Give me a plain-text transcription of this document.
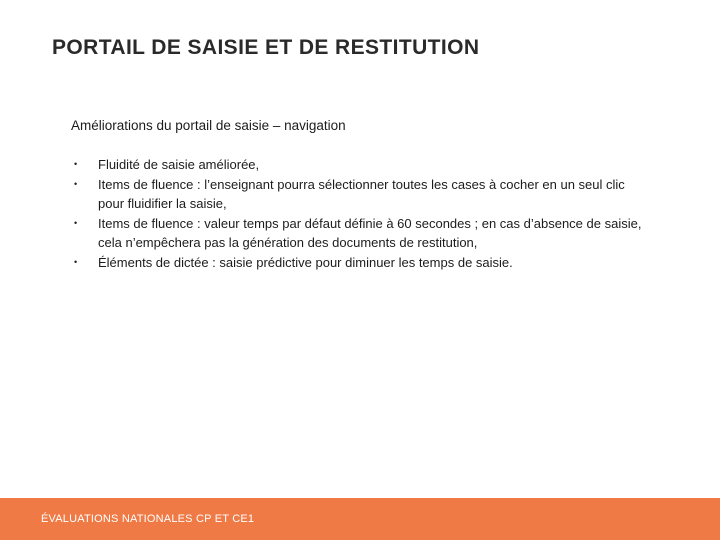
PORTAIL DE SAISIE ET DE RESTITUTION

Améliorations du portail de saisie – navigation

•	Fluidité de saisie améliorée,
•	Items de fluence : l’enseignant pourra sélectionner toutes les cases à cocher en un seul clic pour fluidifier la saisie,
•	Items de fluence : valeur temps par défaut définie à 60 secondes ; en cas d’absence de saisie, cela n’empêchera pas la génération des documents de restitution,
•	Éléments de dictée : saisie prédictive pour diminuer les temps de saisie.
ÉVALUATIONS NATIONALES CP ET CE1
